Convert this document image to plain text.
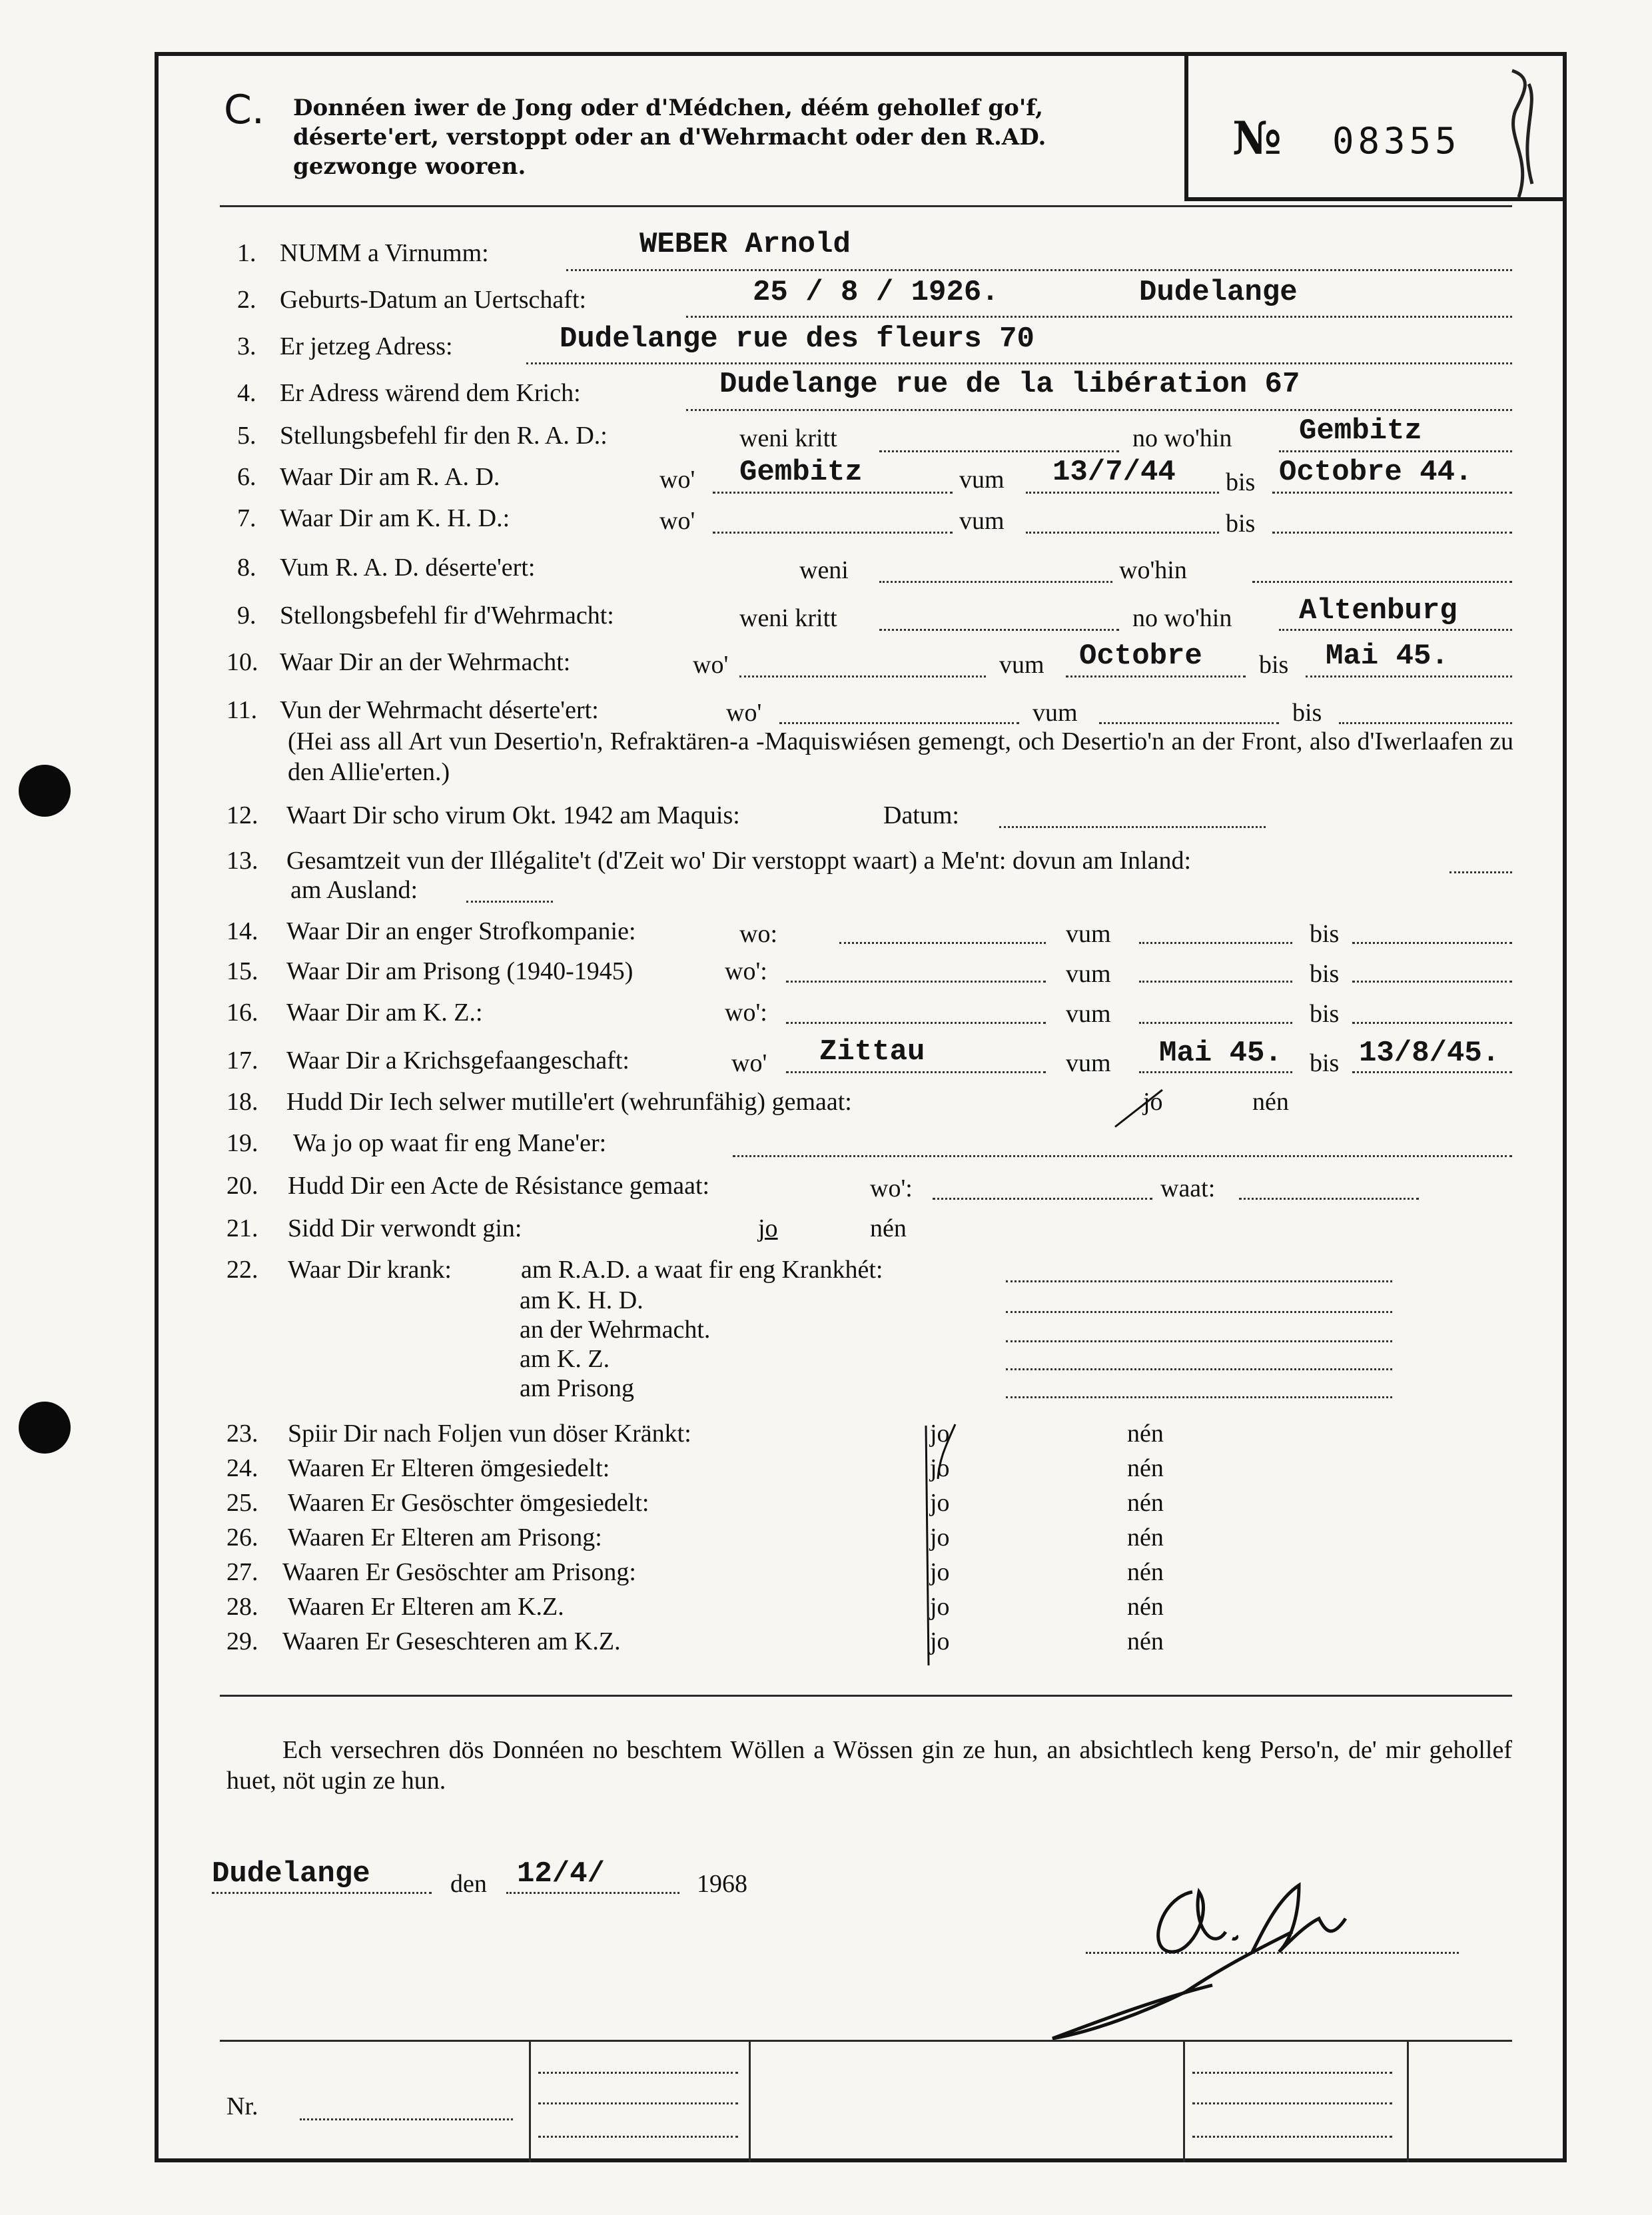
C. Donnéen iwer de Jong oder d'Médchen, déém gehollef go'f, déserte'ert, verstoppt oder an d'Wehrmacht oder den R.AD. gezwonge wooren.
№ 08355
1. NUMM a Virnumm:	WEBER Arnold
2. Geburts-Datum an Uertschaft:	25 / 8 / 1926.	Dudelange
3. Er jetzeg Adress:	Dudelange rue des fleurs 70
4. Er Adress wärend dem Krich:	Dudelange rue de la libération 67
5. Stellungsbefehl fir den R. A. D.:	weni kritt	no wo'hin Gembitz
6. Waar Dir am R. A. D.	wo' Gembitz	vum 13/7/44 bis Octobre 44.
7. Waar Dir am K. H. D.:	wo'	vum	bis
8. Vum R. A. D. déserte'ert:	weni	wo'hin
9. Stellongsbefehl fir d'Wehrmacht:	weni kritt	no wo'hin Altenburg
10. Waar Dir an der Wehrmacht:	wo'	vum Octobre bis Mai 45.
11. Vun der Wehrmacht déserte'ert:	wo'	vum	bis
(Hei ass all Art vun Desertio'n, Refraktären-a -Maquiswiésen gemengt, och Desertio'n an der Front, also d'Iwerlaafen zu den Allie'erten.)
12. Waart Dir scho virum Okt. 1942 am Maquis:	Datum:
13. Gesamtzeit vun der Illégalite't (d'Zeit wo' Dir verstoppt waart) a Me'nt: dovun am Inland:
am Ausland:
14. Waar Dir an enger Strofkompanie:	wo:	vum	bis
15. Waar Dir am Prisong (1940-1945)	wo':	vum	bis
16. Waar Dir am K. Z.:	wo':	vum	bis
17. Waar Dir a Krichsgefaangeschaft:	wo' Zittau	vum Mai 45. bis 13/8/45.
18. Hudd Dir Iech selwer mutille'ert (wehrunfähig) gemaat:	jo	nén
19. Wa jo op waat fir eng Mane'er:
20. Hudd Dir een Acte de Résistance gemaat:	wo':	waat:
21. Sidd Dir verwondt gin:	jo	nén
22. Waar Dir krank:	am R.A.D. a waat fir eng Krankhét:
am K. H. D.
an der Wehrmacht.
am K. Z.
am Prisong
23. Spiir Dir nach Foljen vun döser Kränkt:	jo	nén
24. Waaren Er Elteren ömgesiedelt:	jo	nén
25. Waaren Er Gesöschter ömgesiedelt:	jo	nén
26. Waaren Er Elteren am Prisong:	jo	nén
27. Waaren Er Gesöschter am Prisong:	jo	nén
28. Waaren Er Elteren am K.Z.	jo	nén
29. Waaren Er Geseschteren am K.Z.	jo	nén
Ech versechren dös Donnéen no beschtem Wöllen a Wössen gin ze hun, an absichtlech keng Perso'n, de' mir gehollef huet, nöt ugin ze hun.
Dudelange	den 12/4/	1968
Nr.
